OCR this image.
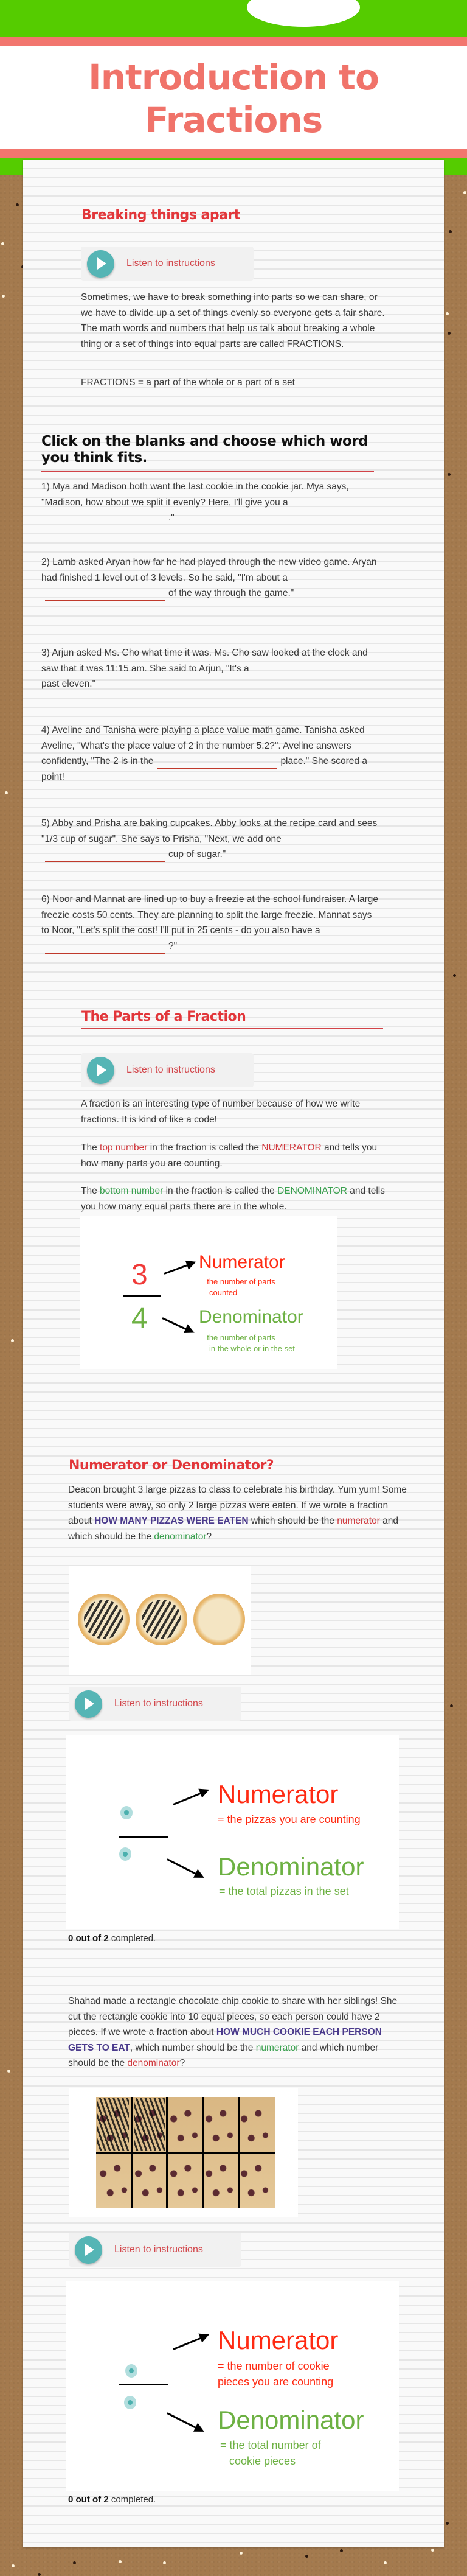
Introduction to
Fractions
Breaking things apart
Listen to instructions
Sometimes, we have to break something into parts so we can share, or we have to divide up a set of things evenly so everyone gets a fair share. The math words and numbers that help us talk about breaking a whole thing or a set of things into equal parts are called FRACTIONS.
FRACTIONS = a part of the whole or a part of a set
Click on the blanks and choose which word you think fits.
1) Mya and Madison both want the last cookie in the cookie jar. Mya says, "Madison, how about we split it evenly? Here, I'll give you a."
2) Lamb asked Aryan how far he had played through the new video game. Aryan had finished 1 level out of 3 levels. So he said, "I'm about aof the way through the game."
3) Arjun asked Ms. Cho what time it was. Ms. Cho saw looked at the clock and saw that it was 11:15 am. She said to Arjun, "It's apast eleven."
4) Aveline and Tanisha were playing a place value math game. Tanisha asked Aveline, "What's the place value of 2 in the number 5.2?". Aveline answers confidently, "The 2 is in the	place." She scored a point!
5) Abby and Prisha are baking cupcakes. Abby looks at the recipe card and sees "1/3 cup of sugar". She says to Prisha, "Next, we add onecup of sugar."
6) Noor and Mannat are lined up to buy a freezie at the school fundraiser. A large freezie costs 50 cents. They are planning to split the large freezie. Mannat says to Noor, "Let's split the cost! I'll put in 25 cents - do you also have a?"
The Parts of a Fraction
Listen to instructions
A fraction is an interesting type of number because of how we write fractions. It is kind of like a code!
The top number in the fraction is called the NUMERATOR and tells you how many parts you are counting.
The bottom number in the fraction is called the DENOMINATOR and tells you how many equal parts there are in the whole.
3
4
Numerator
= the number of parts
counted
Denominator
= the number of parts
in the whole or in the set
Numerator or Denominator?
Deacon brought 3 large pizzas to class to celebrate his birthday. Yum yum! Some students were away, so only 2 large pizzas were eaten. If we wrote a fraction about HOW MANY PIZZAS WERE EATEN which should be the numerator and which should be the denominator?
Listen to instructions
Numerator
= the pizzas you are counting
Denominator
= the total pizzas in the set
0 out of 2 completed.
Shahad made a rectangle chocolate chip cookie to share with her siblings! She cut the rectangle cookie into 10 equal pieces, so each person could have 2 pieces. If we wrote a fraction about HOW MUCH COOKIE EACH PERSON GETS TO EAT, which number should be the numerator and which number should be the denominator?
Listen to instructions
Numerator
= the number of cookie
pieces you are counting
Denominator
= the total number of
cookie pieces
0 out of 2 completed.
